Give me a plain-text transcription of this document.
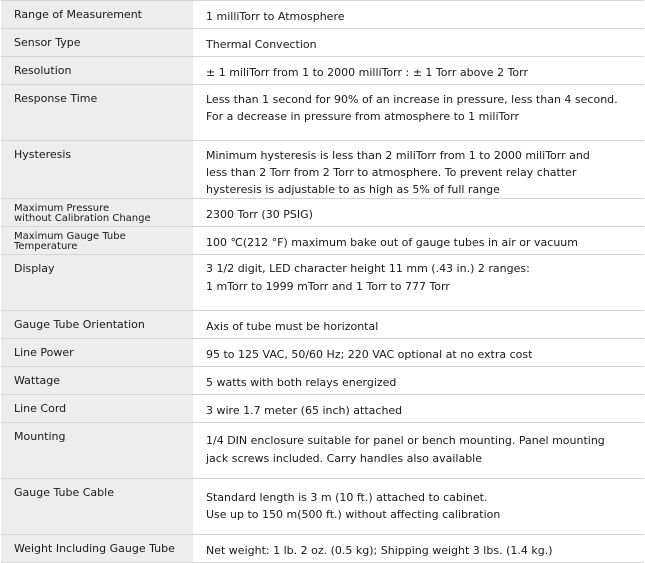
Range of Measurement		1 milliTorr to Atmosphere

Sensor Type		Thermal Convection

Resolution		± 1 miliTorr from 1 to 2000 milliTorr : ± 1 Torr above 2 Torr

Response Time		Less than 1 second for 90% of an increase in pressure, less than 4 second.
For a decrease in pressure from atmosphere to 1 miliTorr

Hysteresis		Minimum hysteresis is less than 2 miliTorr from 1 to 2000 miliTorr and
less than 2 Torr from 2 Torr to atmosphere. To prevent relay chatter
hysteresis is adjustable to as high as 5% of full range

Maximum Pressure
without Calibration Change		2300 Torr (30 PSIG)

Maximum Gauge Tube
Temperature		100 ℃(212 °F) maximum bake out of gauge tubes in air or vacuum

Display		3 1/2 digit, LED character height 11 mm (.43 in.) 2 ranges:
1 mTorr to 1999 mTorr and 1 Torr to 777 Torr

Gauge Tube Orientation		Axis of tube must be horizontal

Line Power		95 to 125 VAC, 50/60 Hz; 220 VAC optional at no extra cost

Wattage		5 watts with both relays energized

Line Cord		3 wire 1.7 meter (65 inch) attached

Mounting		1/4 DIN enclosure suitable for panel or bench mounting. Panel mounting
jack screws included. Carry handles also available

Gauge Tube Cable		Standard length is 3 m (10 ft.) attached to cabinet.
Use up to 150 m(500 ft.) without affecting calibration

Weight Including Gauge Tube		Net weight: 1 lb. 2 oz. (0.5 kg); Shipping weight 3 lbs. (1.4 kg.)
